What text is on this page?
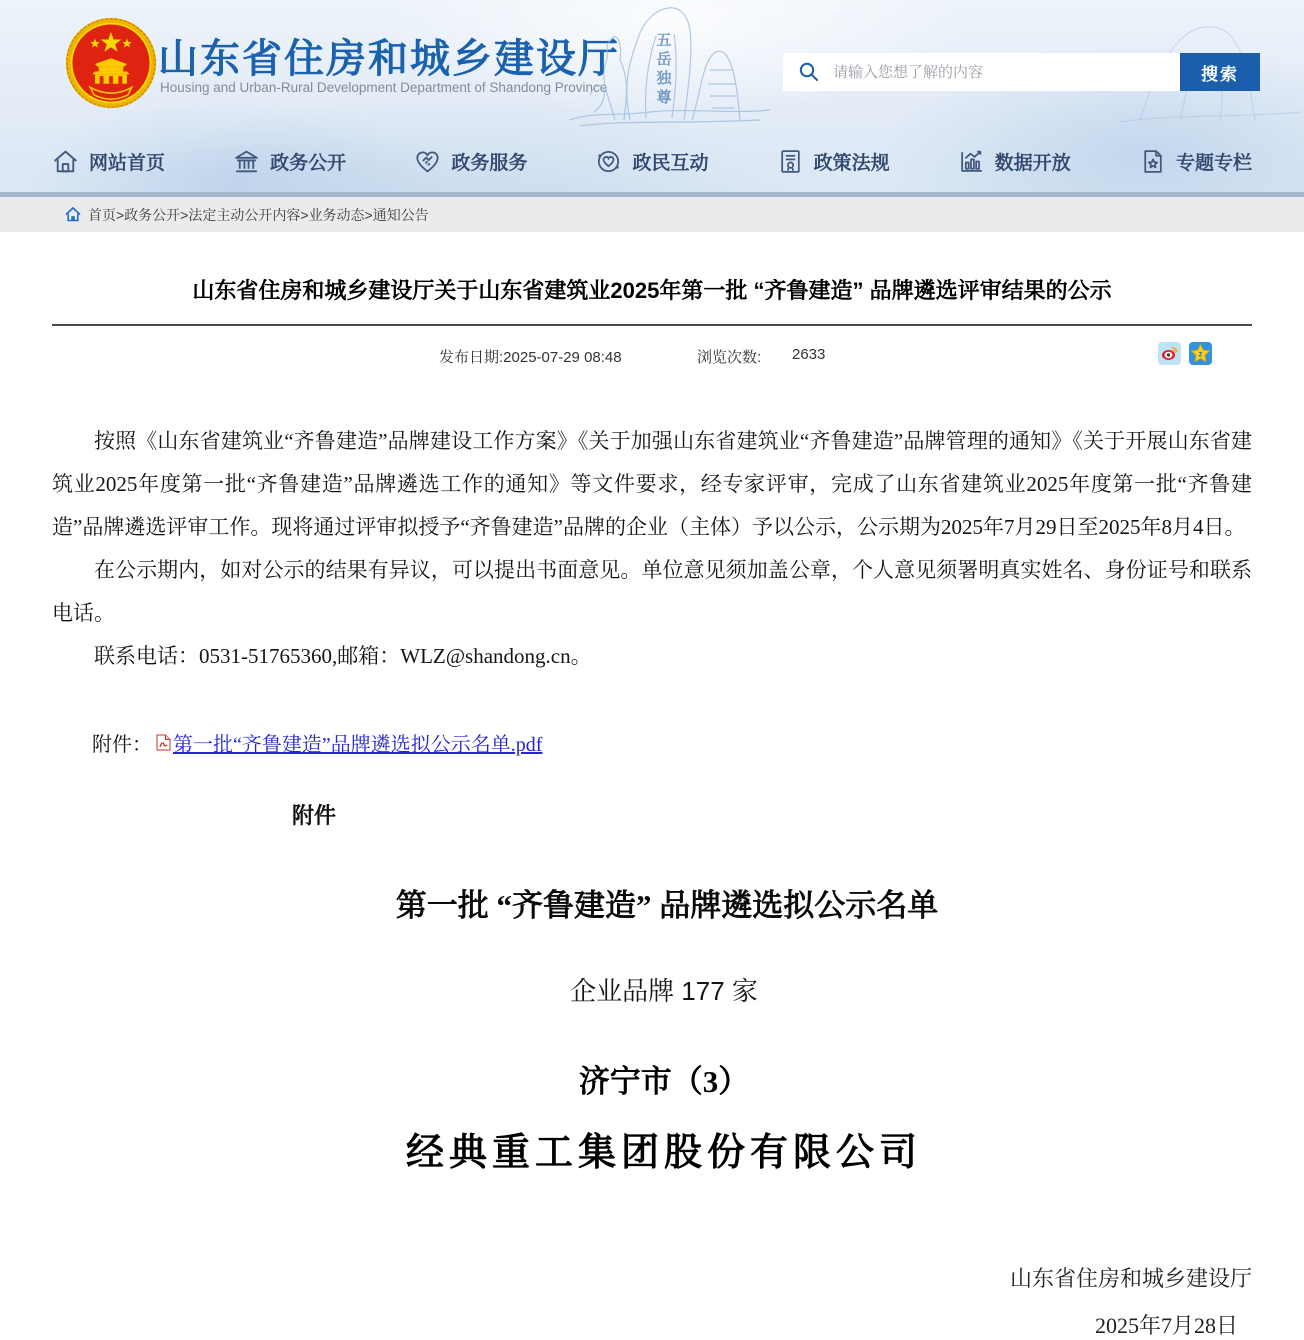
山东省住房和城乡建设厅
Housing and Urban-Rural Development Department of Shandong Province
五岳独尊
请输入您想了解的内容
搜索
网站首页	政务公开	政务服务	政民互动	政策法规	数据开放	专题专栏
首页>政务公开>法定主动公开内容>业务动态>通知公告
山东省住房和城乡建设厅关于山东省建筑业2025年第一批 “齐鲁建造” 品牌遴选评审结果的公示
发布日期:2025-07-29 08:48	浏览次数: 2633	z

按照《山东省建筑业“齐鲁建造”品牌建设工作方案》《关于加强山东省建筑业“齐鲁建造”品牌管理的通知》《关于开展山东省建筑业2025年度第一批“齐鲁建造”品牌遴选工作的通知》等文件要求，经专家评审，完成了山东省建筑业2025年度第一批“齐鲁建造”品牌遴选评审工作。现将通过评审拟授予“齐鲁建造”品牌的企业（主体）予以公示，公示期为2025年7月29日至2025年8月4日。

在公示期内，如对公示的结果有异议，可以提出书面意见。单位意见须加盖公章，个人意见须署明真实姓名、身份证号和联系电话。

联系电话：0531-51765360,邮箱：WLZ@shandong.cn。

附件： 第一批“齐鲁建造”品牌遴选拟公示名单.pdf
附件
第一批 “齐鲁建造” 品牌遴选拟公示名单
企业品牌 177 家
济宁市（3）
经典重工集团股份有限公司
山东省住房和城乡建设厅
2025年7月28日
